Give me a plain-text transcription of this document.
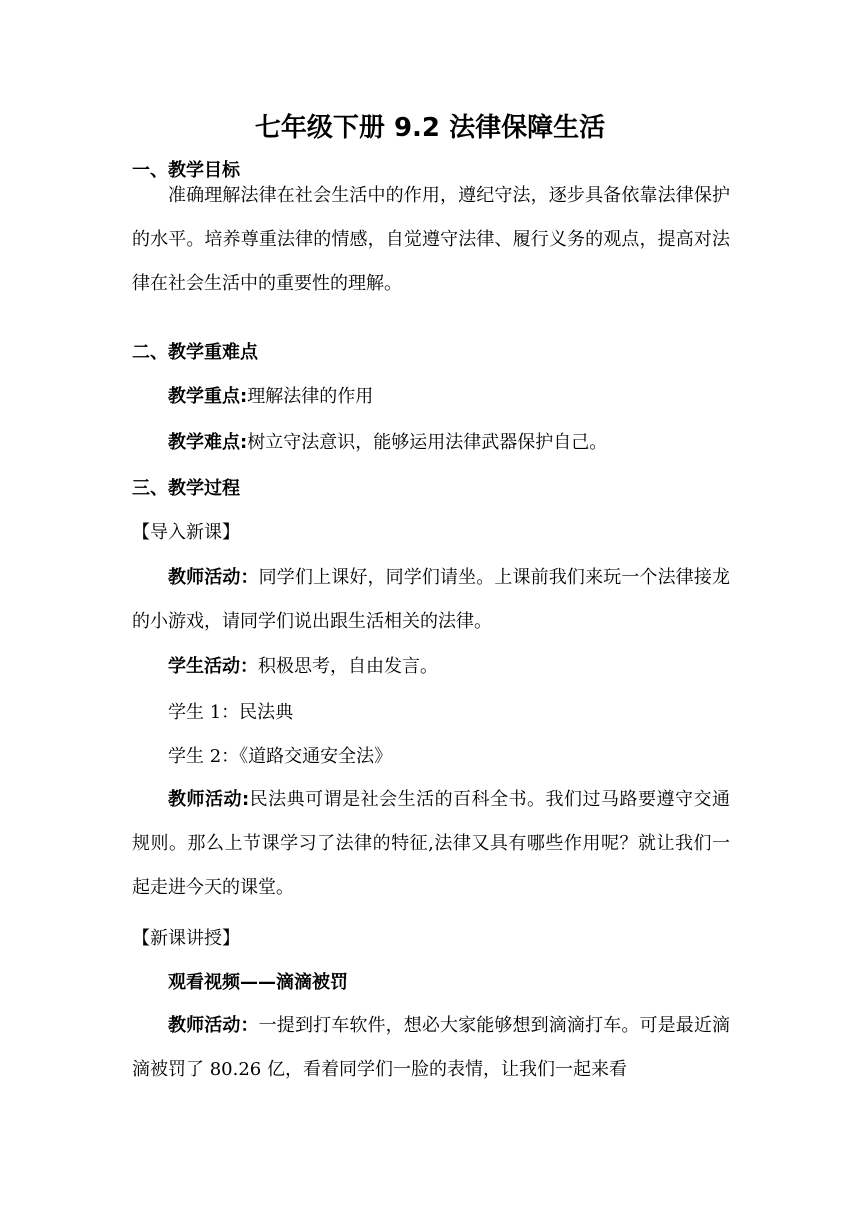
七年级下册 9.2 法律保障生活
一、教学目标
准确理解法律在社会生活中的作用，遵纪守法，逐步具备依靠法律保护的水平。培养尊重法律的情感，自觉遵守法律、履行义务的观点，提高对法律在社会生活中的重要性的理解。
二、教学重难点
教学重点:理解法律的作用
教学难点:树立守法意识，能够运用法律武器保护自己。
三、教学过程
【导入新课】
教师活动：同学们上课好，同学们请坐。上课前我们来玩一个法律接龙的小游戏，请同学们说出跟生活相关的法律。
学生活动：积极思考，自由发言。
学生 1：民法典
学生 2：《道路交通安全法》
教师活动:民法典可谓是社会生活的百科全书。我们过马路要遵守交通规则。那么上节课学习了法律的特征,法律又具有哪些作用呢？就让我们一起走进今天的课堂。
【新课讲授】
观看视频——滴滴被罚
教师活动：一提到打车软件，想必大家能够想到滴滴打车。可是最近滴滴被罚了 80.26 亿，看着同学们一脸的表情，让我们一起来看
